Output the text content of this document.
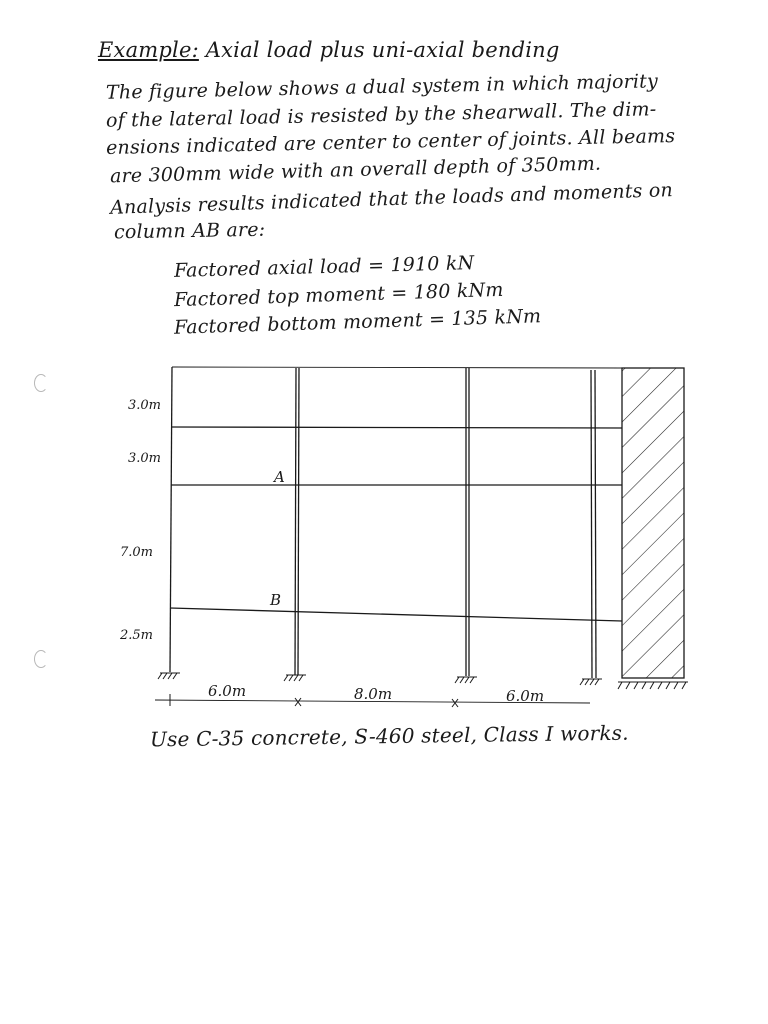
Example: Axial load plus uni-axial bending
The figure below shows a dual system in which majority
of the lateral load is resisted by the shearwall. The dim-
ensions indicated are center to center of joints. All beams
are 300mm wide with an overall depth of 350mm.
Analysis results indicated that the loads and moments on
column AB are:
Factored axial load = 1910 kN
Factored top moment = 180 kNm
Factored bottom moment = 135 kNm
3.0m
3.0m
7.0m
2.5m
A
B
6.0m	8.0m	6.0m
Use C-35 concrete, S-460 steel, Class I works.
